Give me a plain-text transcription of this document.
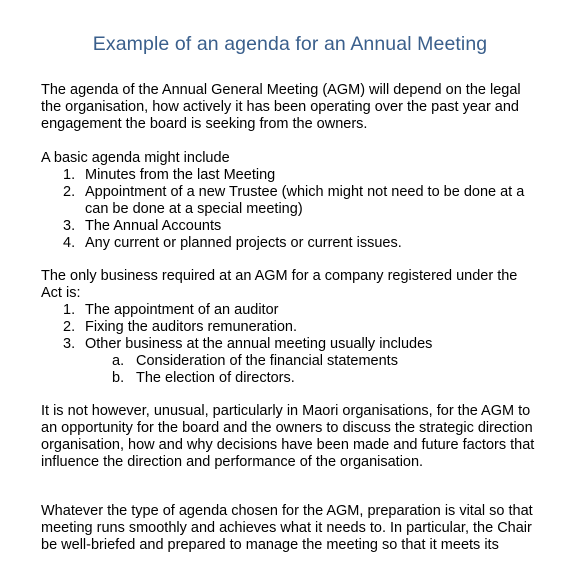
Example of an agenda for an Annual Meeting
The agenda of the Annual General Meeting (AGM) will depend on the legal
the organisation, how actively it has been operating over the past year and
engagement the board is seeking from the owners.
A basic agenda might include
1. Minutes from the last Meeting
2. Appointment of a new Trustee (which might not need to be done at a
can be done at a special meeting)
3. The Annual Accounts
4. Any current or planned projects or current issues.
The only business required at an AGM for a company registered under the
Act is:
1. The appointment of an auditor
2. Fixing the auditors remuneration.
3. Other business at the annual meeting usually includes
a. Consideration of the financial statements
b. The election of directors.
It is not however, unusual, particularly in Maori organisations, for the AGM to
an opportunity for the board and the owners to discuss the strategic direction
organisation, how and why decisions have been made and future factors that
influence the direction and performance of the organisation.
Whatever the type of agenda chosen for the AGM, preparation is vital so that
meeting runs smoothly and achieves what it needs to. In particular, the Chair
be well-briefed and prepared to manage the meeting so that it meets its
